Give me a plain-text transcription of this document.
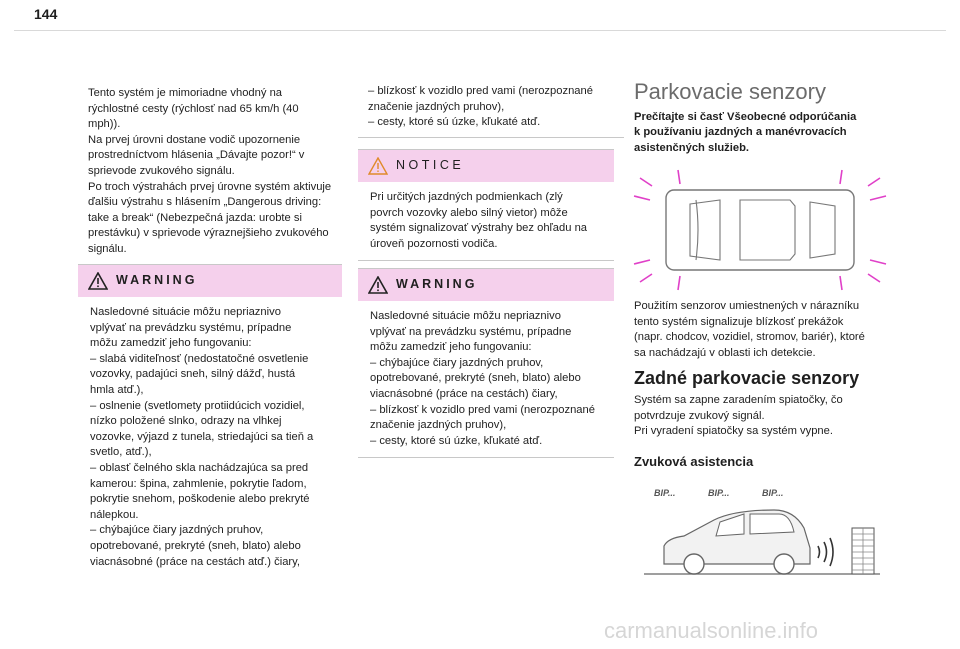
144

Tento systém je mimoriadne vhodný na

rýchlostné cesty (rýchlosť nad 65 km/h (40

mph)).

Na prvej úrovni dostane vodič upozornenie

prostredníctvom hlásenia „Dávajte pozor!“ v

sprievode zvukového signálu.

Po troch výstrahách prvej úrovne systém aktivuje

ďalšiu výstrahu s hlásením „Dangerous driving:

take a break“ (Nebezpečná jazda: urobte si

prestávku) v sprievode výraznejšieho zvukového

signálu.

WARNING

Nasledovné situácie môžu nepriaznivo

vplývať na prevádzku systému, prípadne

môžu zamedziť jeho fungovaniu:

– slabá viditeľnosť (nedostatočné osvetlenie

vozovky, padajúci sneh, silný dážď, hustá

hmla atď.),

– oslnenie (svetlomety protiidúcich vozidiel,

nízko položené slnko, odrazy na vlhkej

vozovke, výjazd z tunela, striedajúci sa tieň a

svetlo, atď.),

– oblasť čelného skla nachádzajúca sa pred

kamerou: špina, zahmlenie, pokrytie ľadom,

pokrytie snehom, poškodenie alebo prekryté

nálepkou.

– chýbajúce čiary jazdných pruhov,

opotrebované, prekryté (sneh, blato) alebo

viacnásobné (práce na cestách atď.) čiary,

– blízkosť k vozidlo pred vami (nerozpoznané

značenie jazdných pruhov),

– cesty, ktoré sú úzke, kľukaté atď.

NOTICE

Pri určitých jazdných podmienkach (zlý

povrch vozovky alebo silný vietor) môže

systém signalizovať výstrahy bez ohľadu na

úroveň pozornosti vodiča.

WARNING

Nasledovné situácie môžu nepriaznivo

vplývať na prevádzku systému, prípadne

môžu zamedziť jeho fungovaniu:

– chýbajúce čiary jazdných pruhov,

opotrebované, prekryté (sneh, blato) alebo

viacnásobné (práce na cestách) čiary,

– blízkosť k vozidlo pred vami (nerozpoznané

značenie jazdných pruhov),

– cesty, ktoré sú úzke, kľukaté atď.

Parkovacie senzory

Prečítajte si časť Všeobecné odporúčania

k používaniu jazdných a manévrovacích

asistenčných služieb.

Použitím senzorov umiestnených v nárazníku

tento systém signalizuje blízkosť prekážok

(napr. chodcov, vozidiel, stromov, bariér), ktoré

sa nachádzajú v oblasti ich detekcie.

Zadné parkovacie senzory

Systém sa zapne zaradením spiatočky, čo

potvrdzuje zvukový signál.

Pri vyradení spiatočky sa systém vypne.

Zvuková asistencia
BIP...	BIP...	BIP...
carmanualsonline.info
